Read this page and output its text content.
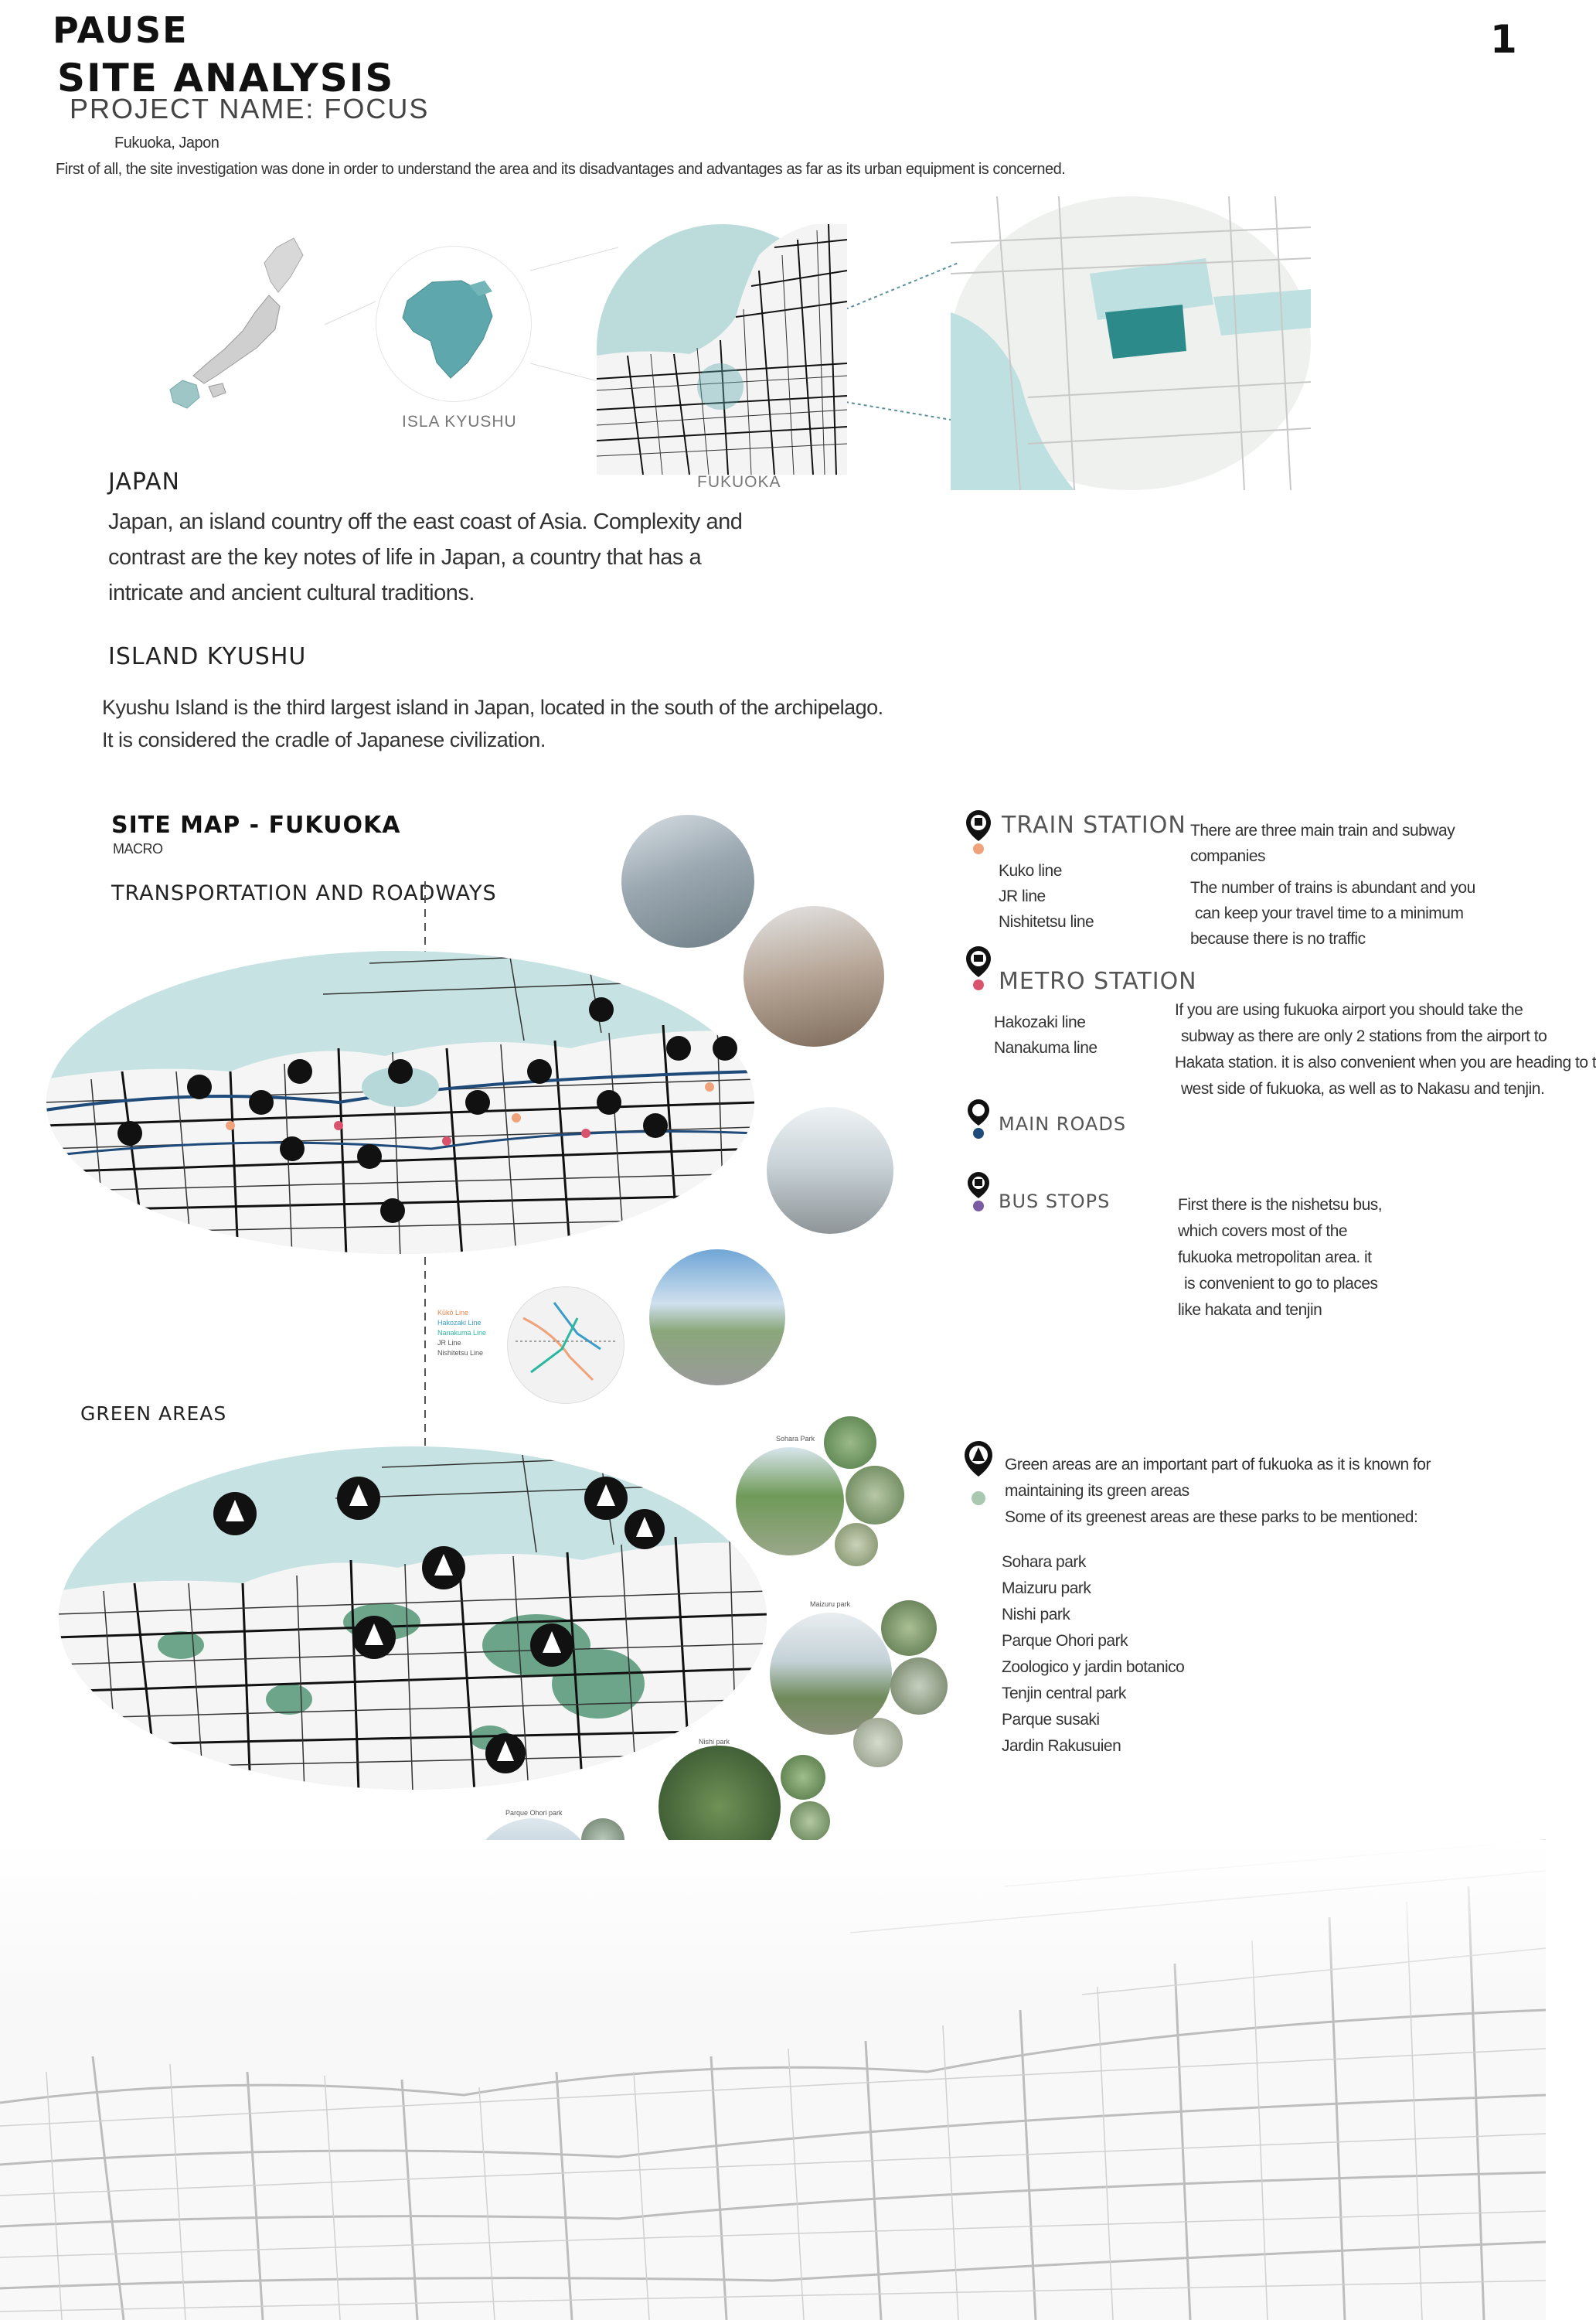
PAUSE
SITE ANALYSIS
PROJECT NAME: FOCUS
1
Fukuoka, Japon
First of all, the site investigation was done in order to understand the area and its disadvantages and advantages as far as its urban equipment is concerned.
ISLA KYUSHU
FUKUOKA
JAPAN
Japan, an island country off the east coast of Asia. Complexity and
contrast are the key notes of life in Japan, a country that has a
intricate and ancient cultural traditions.
ISLAND KYUSHU
Kyushu Island is the third largest island in Japan, located in the south of the archipelago.
It is considered the cradle of Japanese civilization.
SITE MAP - FUKUOKA
MACRO
TRANSPORTATION AND ROADWAYS
Kūkō Line
Hakozaki Line
Nanakuma Line
JR Line
Nishitetsu Line
TRAIN STATION
Kuko line
JR line
Nishitetsu line
There are three main train and subway
companies
The number of trains is abundant and you
can keep your travel time to a minimum
because there is no traffic
METRO STATION
Hakozaki line
Nanakuma line
If you are using fukuoka airport you should take the
subway as there are only 2 stations from the airport to
Hakata station. it is also convenient when you are heading to t
west side of fukuoka, as well as to Nakasu and tenjin.
MAIN ROADS
BUS STOPS	First there is the nishetsu bus,
which covers most of the
fukuoka metropolitan area. it
is convenient to go to places
like hakata and tenjin
GREEN AREAS
Sohara Park
Maizuru park
Nishi park
Parque Ohori park
Green areas are an important part of fukuoka as it is known for
maintaining its green areas
Some of its greenest areas are these parks to be mentioned:
Sohara park
Maizuru park
Nishi park
Parque Ohori park
Zoologico y jardin botanico
Tenjin central park
Parque susaki
Jardin Rakusuien
